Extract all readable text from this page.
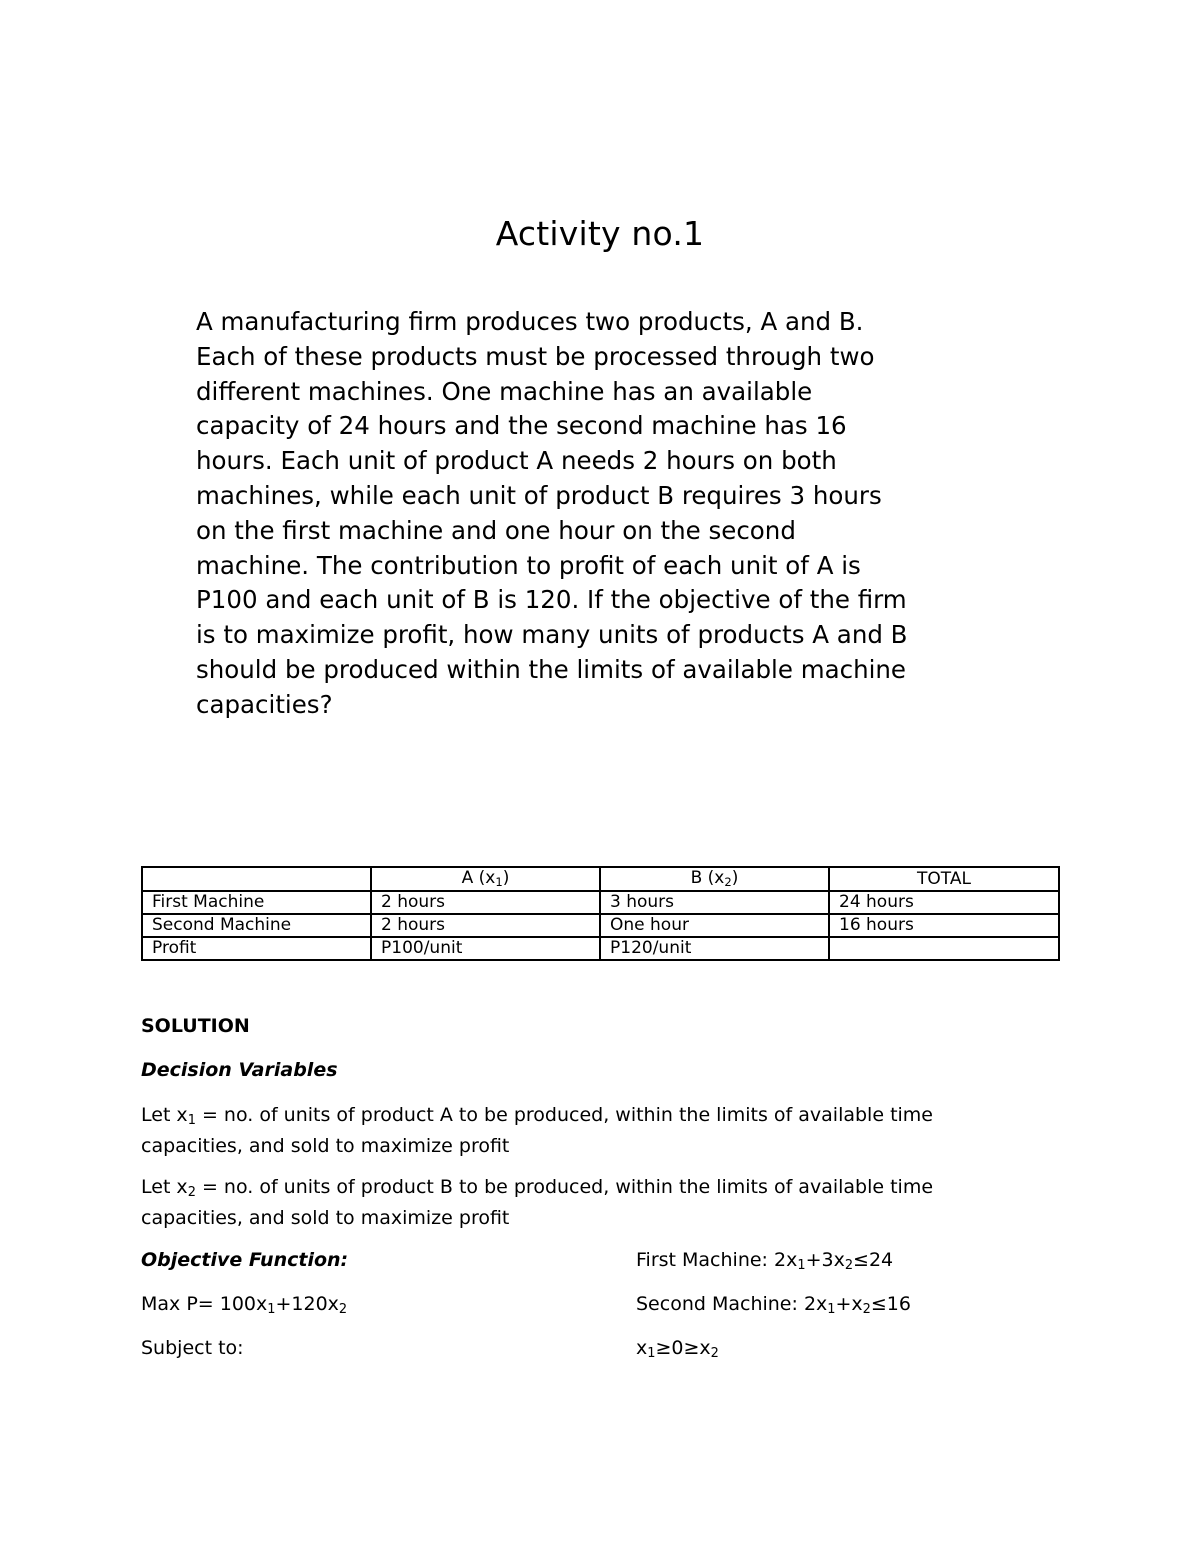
Activity no.1
A manufacturing firm produces two products, A and B.
Each of these products must be processed through two
different machines. One machine has an available
capacity of 24 hours and the second machine has 16
hours. Each unit of product A needs 2 hours on both
machines, while each unit of product B requires 3 hours
on the first machine and one hour on the second
machine. The contribution to profit of each unit of A is
P100 and each unit of B is 120. If the objective of the firm
is to maximize profit, how many units of products A and B
should be produced within the limits of available machine
capacities?
	A (x1)	B (x2)	TOTAL
First Machine	2 hours	3 hours	24 hours
Second Machine	2 hours	One hour	16 hours
Profit	P100/unit	P120/unit	
SOLUTION
Decision Variables
Let x1 = no. of units of product A to be produced, within the limits of available time
capacities, and sold to maximize profit
Let x2 = no. of units of product B to be produced, within the limits of available time
capacities, and sold to maximize profit
Objective Function:
Max P= 100x1+120x2
Subject to:
First Machine: 2x1+3x2≤24
Second Machine: 2x1+x2≤16
x1≥0≥x2
